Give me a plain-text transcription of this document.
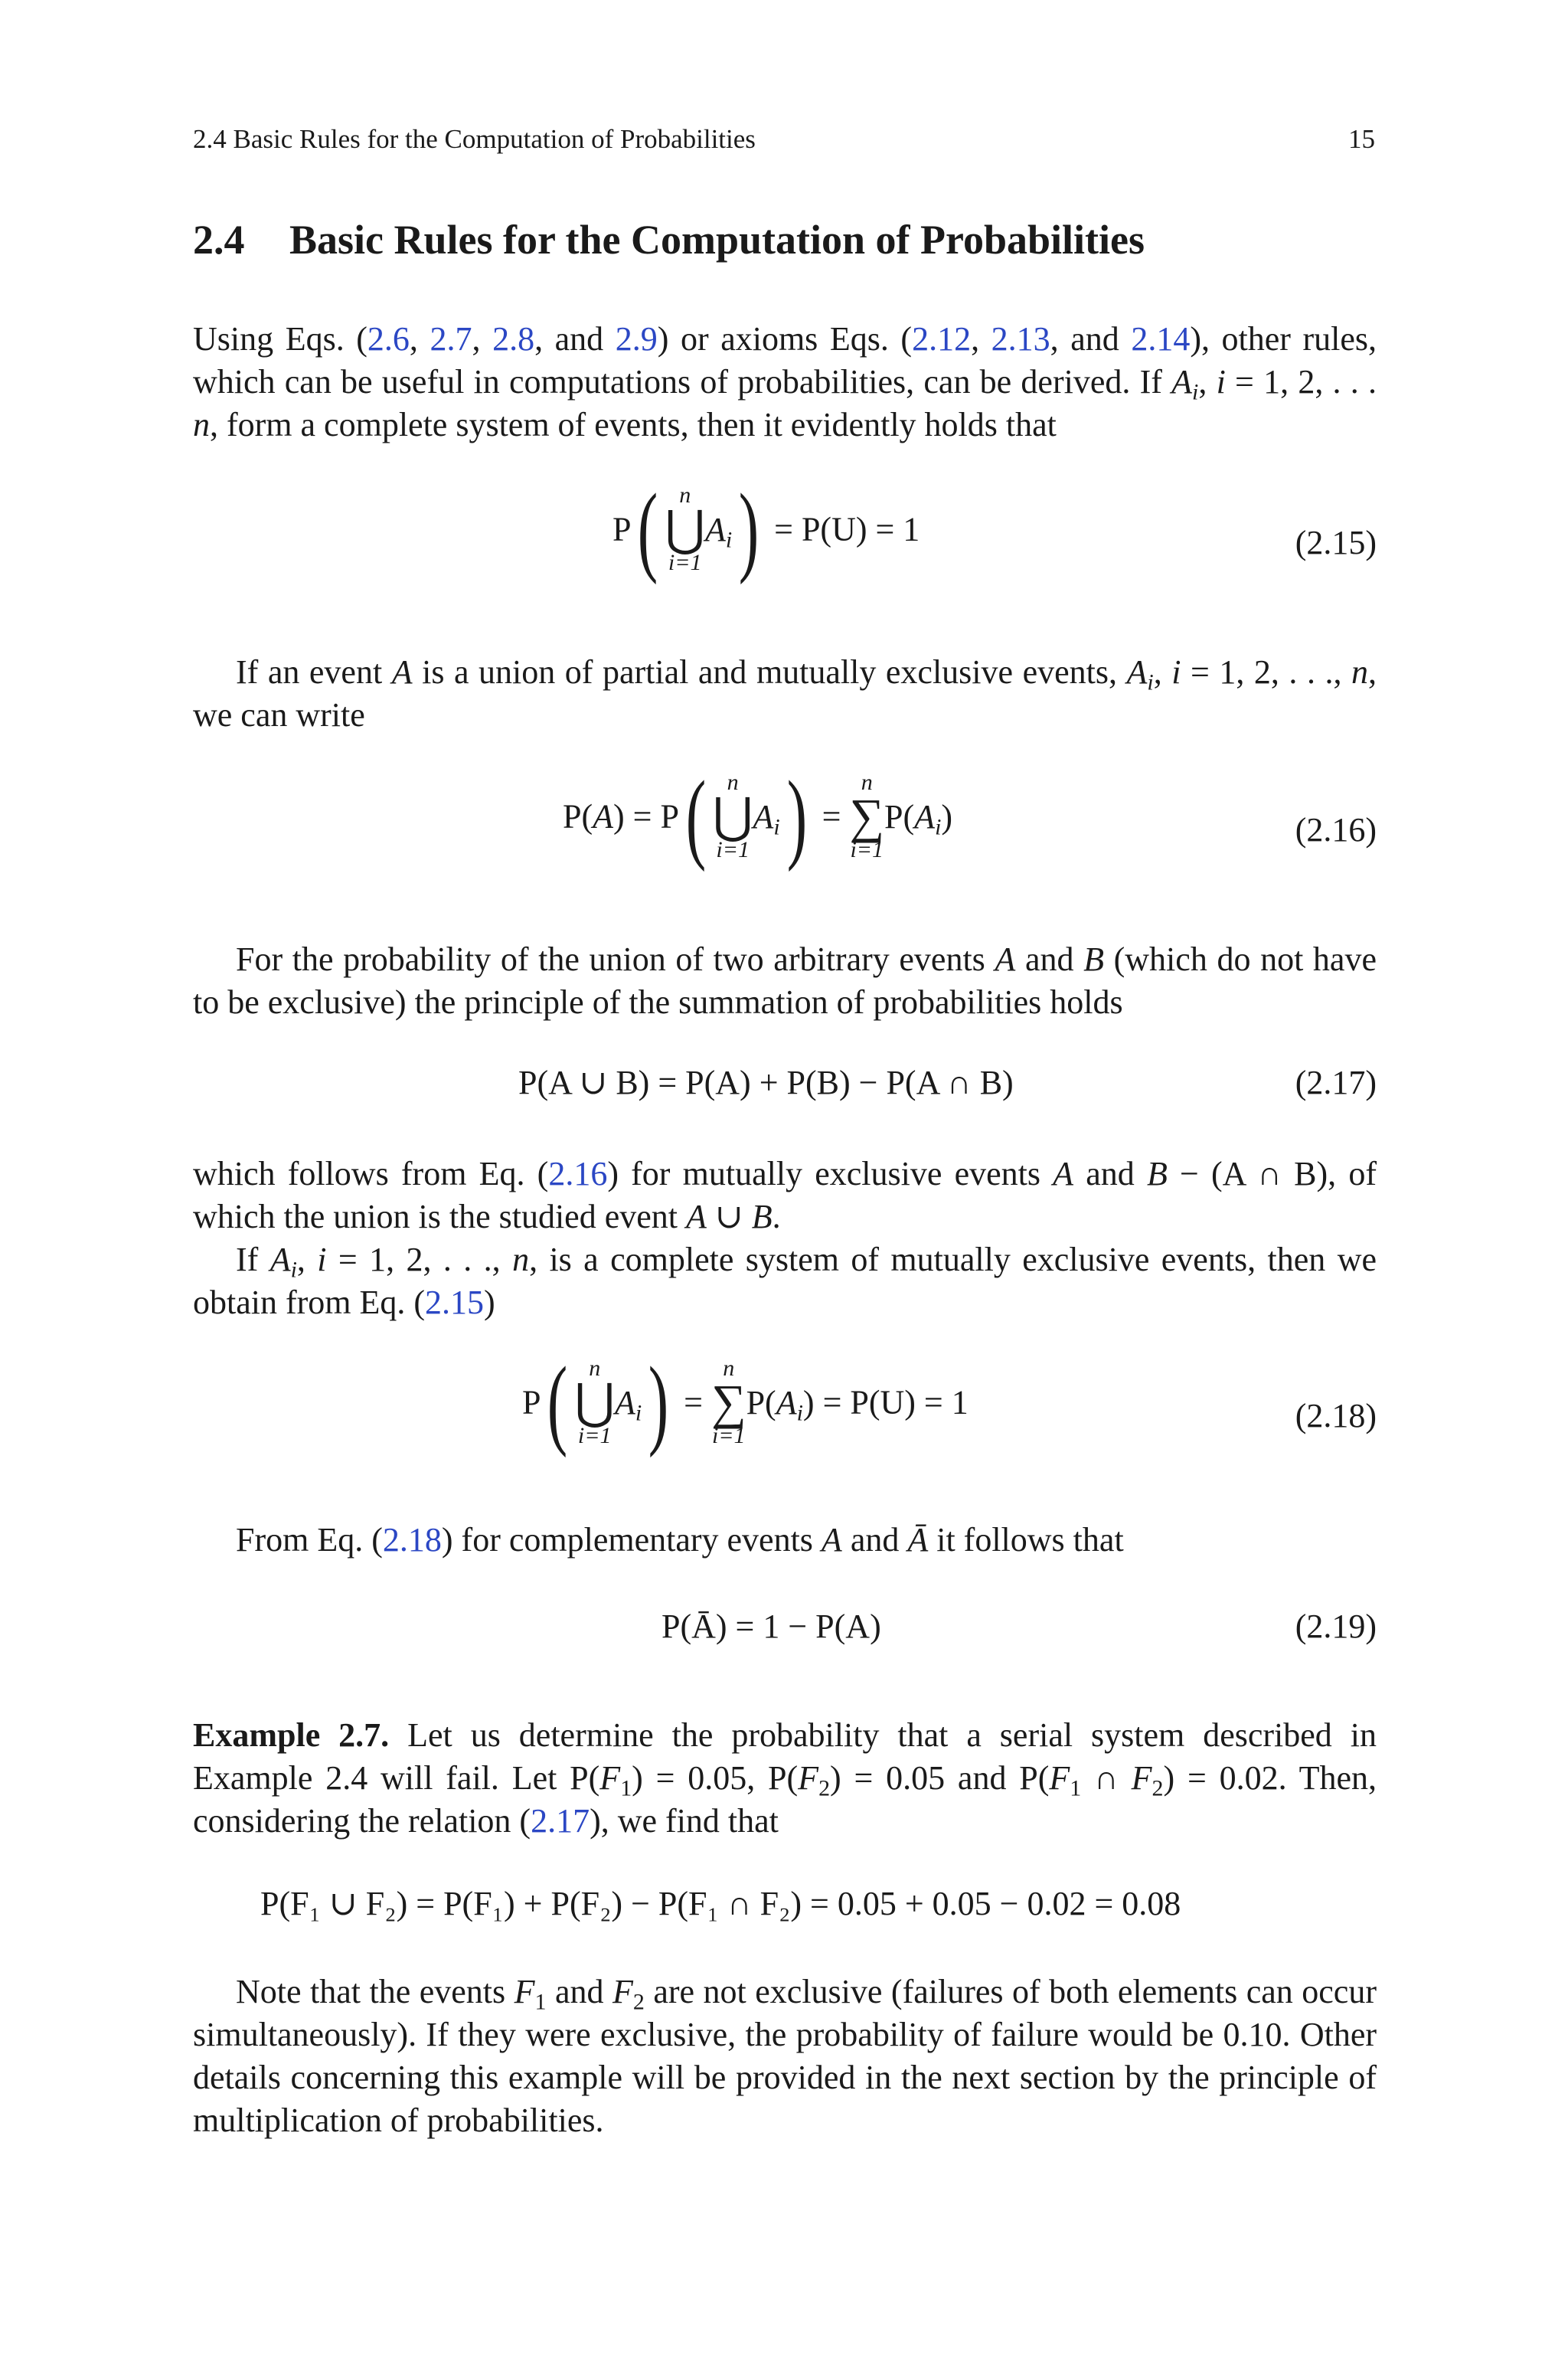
2.4 Basic Rules for the Computation of Probabilities	15
2.4 Basic Rules for the Computation of Probabilities
Using Eqs. (2.6, 2.7, 2.8, and 2.9) or axioms Eqs. (2.12, 2.13, and 2.14), other rules, which can be useful in computations of probabilities, can be derived. If $A_i$, i = 1, 2, . . . n, form a complete system of events, then it evidently holds that
P( n
⋃
i=1
$A_i) = P(U) = 1$	(2.15)
If an event A is a union of partial and mutually exclusive events, $A_i$, i = 1, 2, . . ., n, we can write
P(A) = P( n
⋃
i=1
$A_i$) =
n
∑
i=1
$P(A_i)$	(2.16)
For the probability of the union of two arbitrary events A and B (which do not have to be exclusive) the principle of the summation of probabilities holds
P(A ∪ B) = P(A) + P(B) − P(A ∩ B)	(2.17)
which follows from Eq. (2.16) for mutually exclusive events A and B − (A ∩ B), of which the union is the studied event A ∪ B.
If $A_i$, i = 1, 2, . . ., n, is a complete system of mutually exclusive events, then we obtain from Eq. (2.15)
P( n
⋃
i=1
$A_i$) =
n
∑
i=1
$P(A_i) = P(U) = 1$	(2.18)
From Eq. (2.18) for complementary events A and Ā it follows that
P(Ā) = 1 − P(A)	(2.19)
Example 2.7. Let us determine the probability that a serial system described in Example 2.4 will fail. Let $P(F_1) = 0.05$, $P(F_2) = 0.05$ and $P(F_1$ ∩ $F_2) = 0.02$. Then, considering the relation (2.17), we find that
P(F₁ ∪ F₂) = P(F₁) + P(F₂) − P(F₁ ∩ F₂) = 0.05 + 0.05 − 0.02 = 0.08
Note that the events $F_1$ and $F_2$ are not exclusive (failures of both elements can occur simultaneously). If they were exclusive, the probability of failure would be 0.10. Other details concerning this example will be provided in the next section by the principle of multiplication of probabilities.
